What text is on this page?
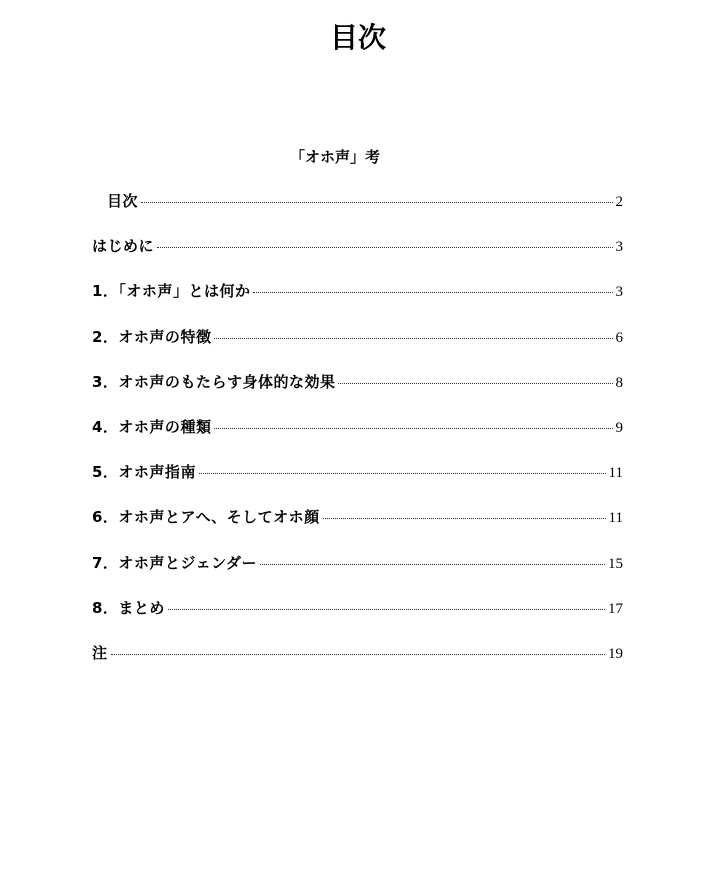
目次
「オホ声」考
目次	2
はじめに	3
1．「オホ声」とは何か	3
2．オホ声の特徴	6
3．オホ声のもたらす身体的な効果	8
4．オホ声の種類	9
5．オホ声指南	11
6．オホ声とアへ、そしてオホ顔	11
7．オホ声とジェンダー	15
8．まとめ	17
注	19
